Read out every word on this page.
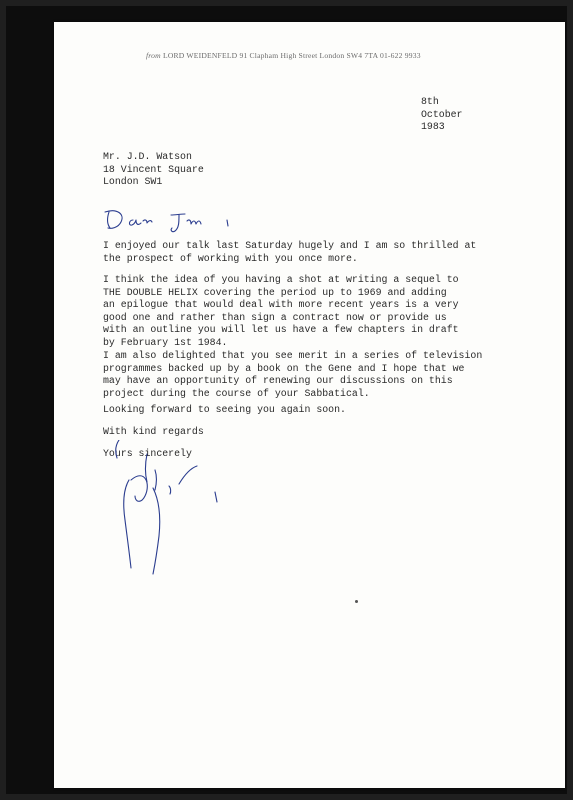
from LORD WEIDENFELD 91 Clapham High Street London SW4 7TA 01-622 9933
8th
October
1983
Mr. J.D. Watson
18 Vincent Square
London SW1
I enjoyed our talk last Saturday hugely and I am so thrilled at
the prospect of working with you once more.
I think the idea of you having a shot at writing a sequel to
THE DOUBLE HELIX covering the period up to 1969 and adding
an epilogue that would deal with more recent years is a very
good one and rather than sign a contract now or provide us
with an outline you will let us have a few chapters in draft
by February 1st 1984.
I am also delighted that you see merit in a series of television
programmes backed up by a book on the Gene and I hope that we
may have an opportunity of renewing our discussions on this
project during the course of your Sabbatical.
Looking forward to seeing you again soon.
With kind regards
Yours sincerely
